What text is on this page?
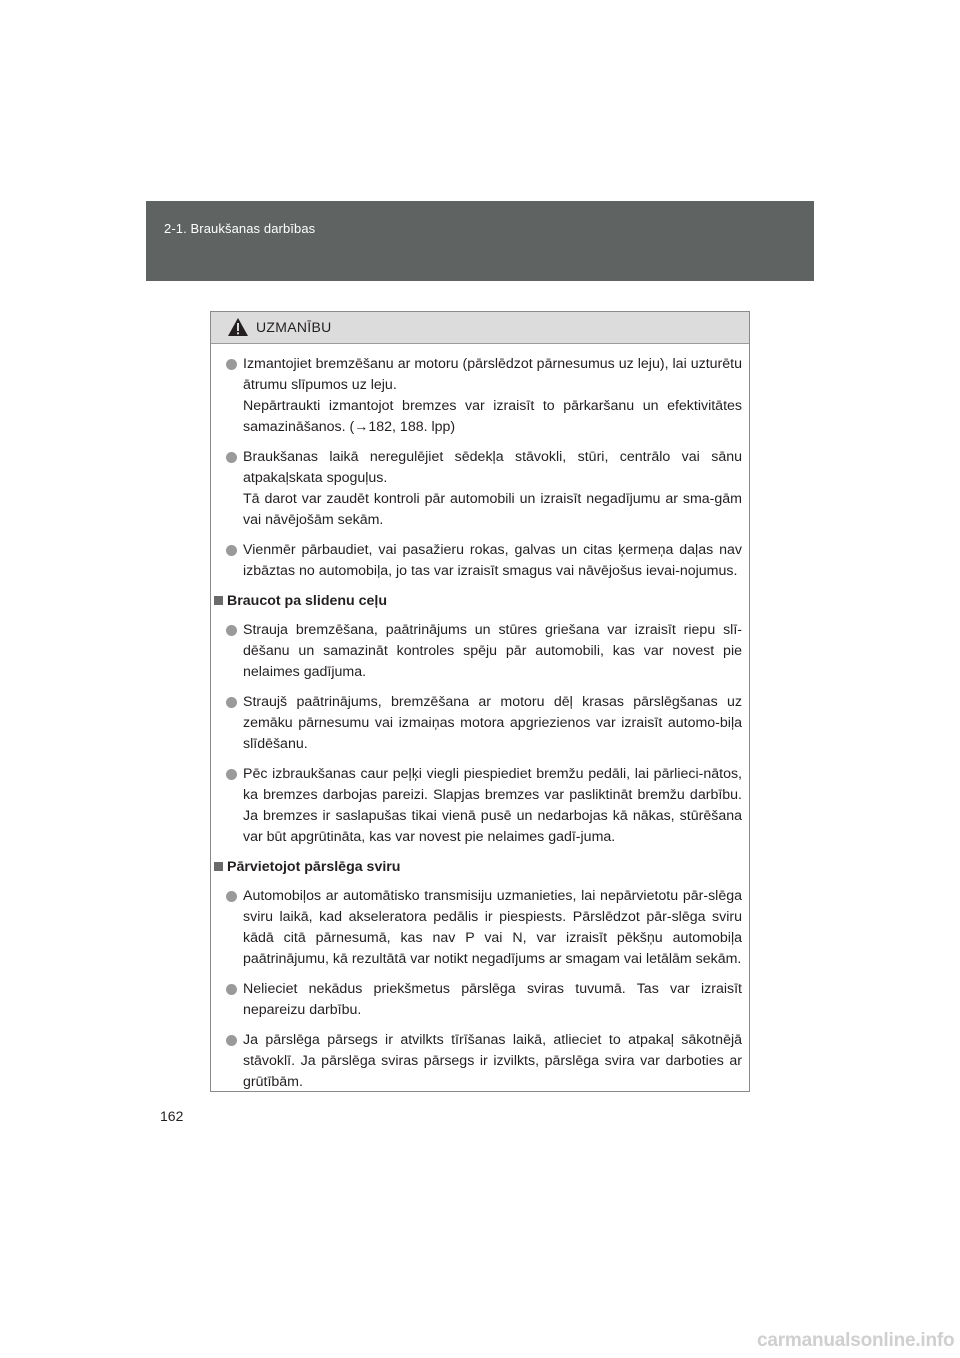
2-1. Braukšanas darbības
UZMANĪBU

Izmantojiet bremzēšanu ar motoru (pārslēdzot pārnesumus uz leju), lai uzturētu ātrumu slīpumos uz leju.

Nepārtraukti izmantojot bremzes var izraisīt to pārkaršanu un efektivitātes samazināšanos. (→182, 188. lpp)

Braukšanas laikā neregulējiet sēdekļa stāvokli, stūri, centrālo vai sānu atpakaļskata spoguļus.

Tā darot var zaudēt kontroli pār automobili un izraisīt negadījumu ar sma-gām vai nāvējošām sekām.

Vienmēr pārbaudiet, vai pasažieru rokas, galvas un citas ķermeņa daļas nav izbāztas no automobiļa, jo tas var izraisīt smagus vai nāvējošus ievai-nojumus.

Braucot pa slidenu ceļu

Strauja bremzēšana, paātrinājums un stūres griešana var izraisīt riepu slī-dēšanu un samazināt kontroles spēju pār automobili, kas var novest pie nelaimes gadījuma.

Straujš paātrinājums, bremzēšana ar motoru dēļ krasas pārslēgšanas uz zemāku pārnesumu vai izmaiņas motora apgriezienos var izraisīt automo-biļa slīdēšanu.

Pēc izbraukšanas caur peļķi viegli piespiediet bremžu pedāli, lai pārlieci-nātos, ka bremzes darbojas pareizi. Slapjas bremzes var pasliktināt bremžu darbību. Ja bremzes ir saslapušas tikai vienā pusē un nedarbojas kā nākas, stūrēšana var būt apgrūtināta, kas var novest pie nelaimes gadī-juma.

Pārvietojot pārslēga sviru

Automobiļos ar automātisko transmisiju uzmanieties, lai nepārvietotu pār-slēga sviru laikā, kad akseleratora pedālis ir piespiests. Pārslēdzot pār-slēga sviru kādā citā pārnesumā, kas nav P vai N, var izraisīt pēkšņu automobiļa paātrinājumu, kā rezultātā var notikt negadījums ar smagam vai letālām sekām.

Nelieciet nekādus priekšmetus pārslēga sviras tuvumā. Tas var izraisīt nepareizu darbību.

Ja pārslēga pārsegs ir atvilkts tīrīšanas laikā, atlieciet to atpakaļ sākotnējā stāvoklī. Ja pārslēga sviras pārsegs ir izvilkts, pārslēga svira var darboties ar grūtībām.

162
carmanualsonline.info
